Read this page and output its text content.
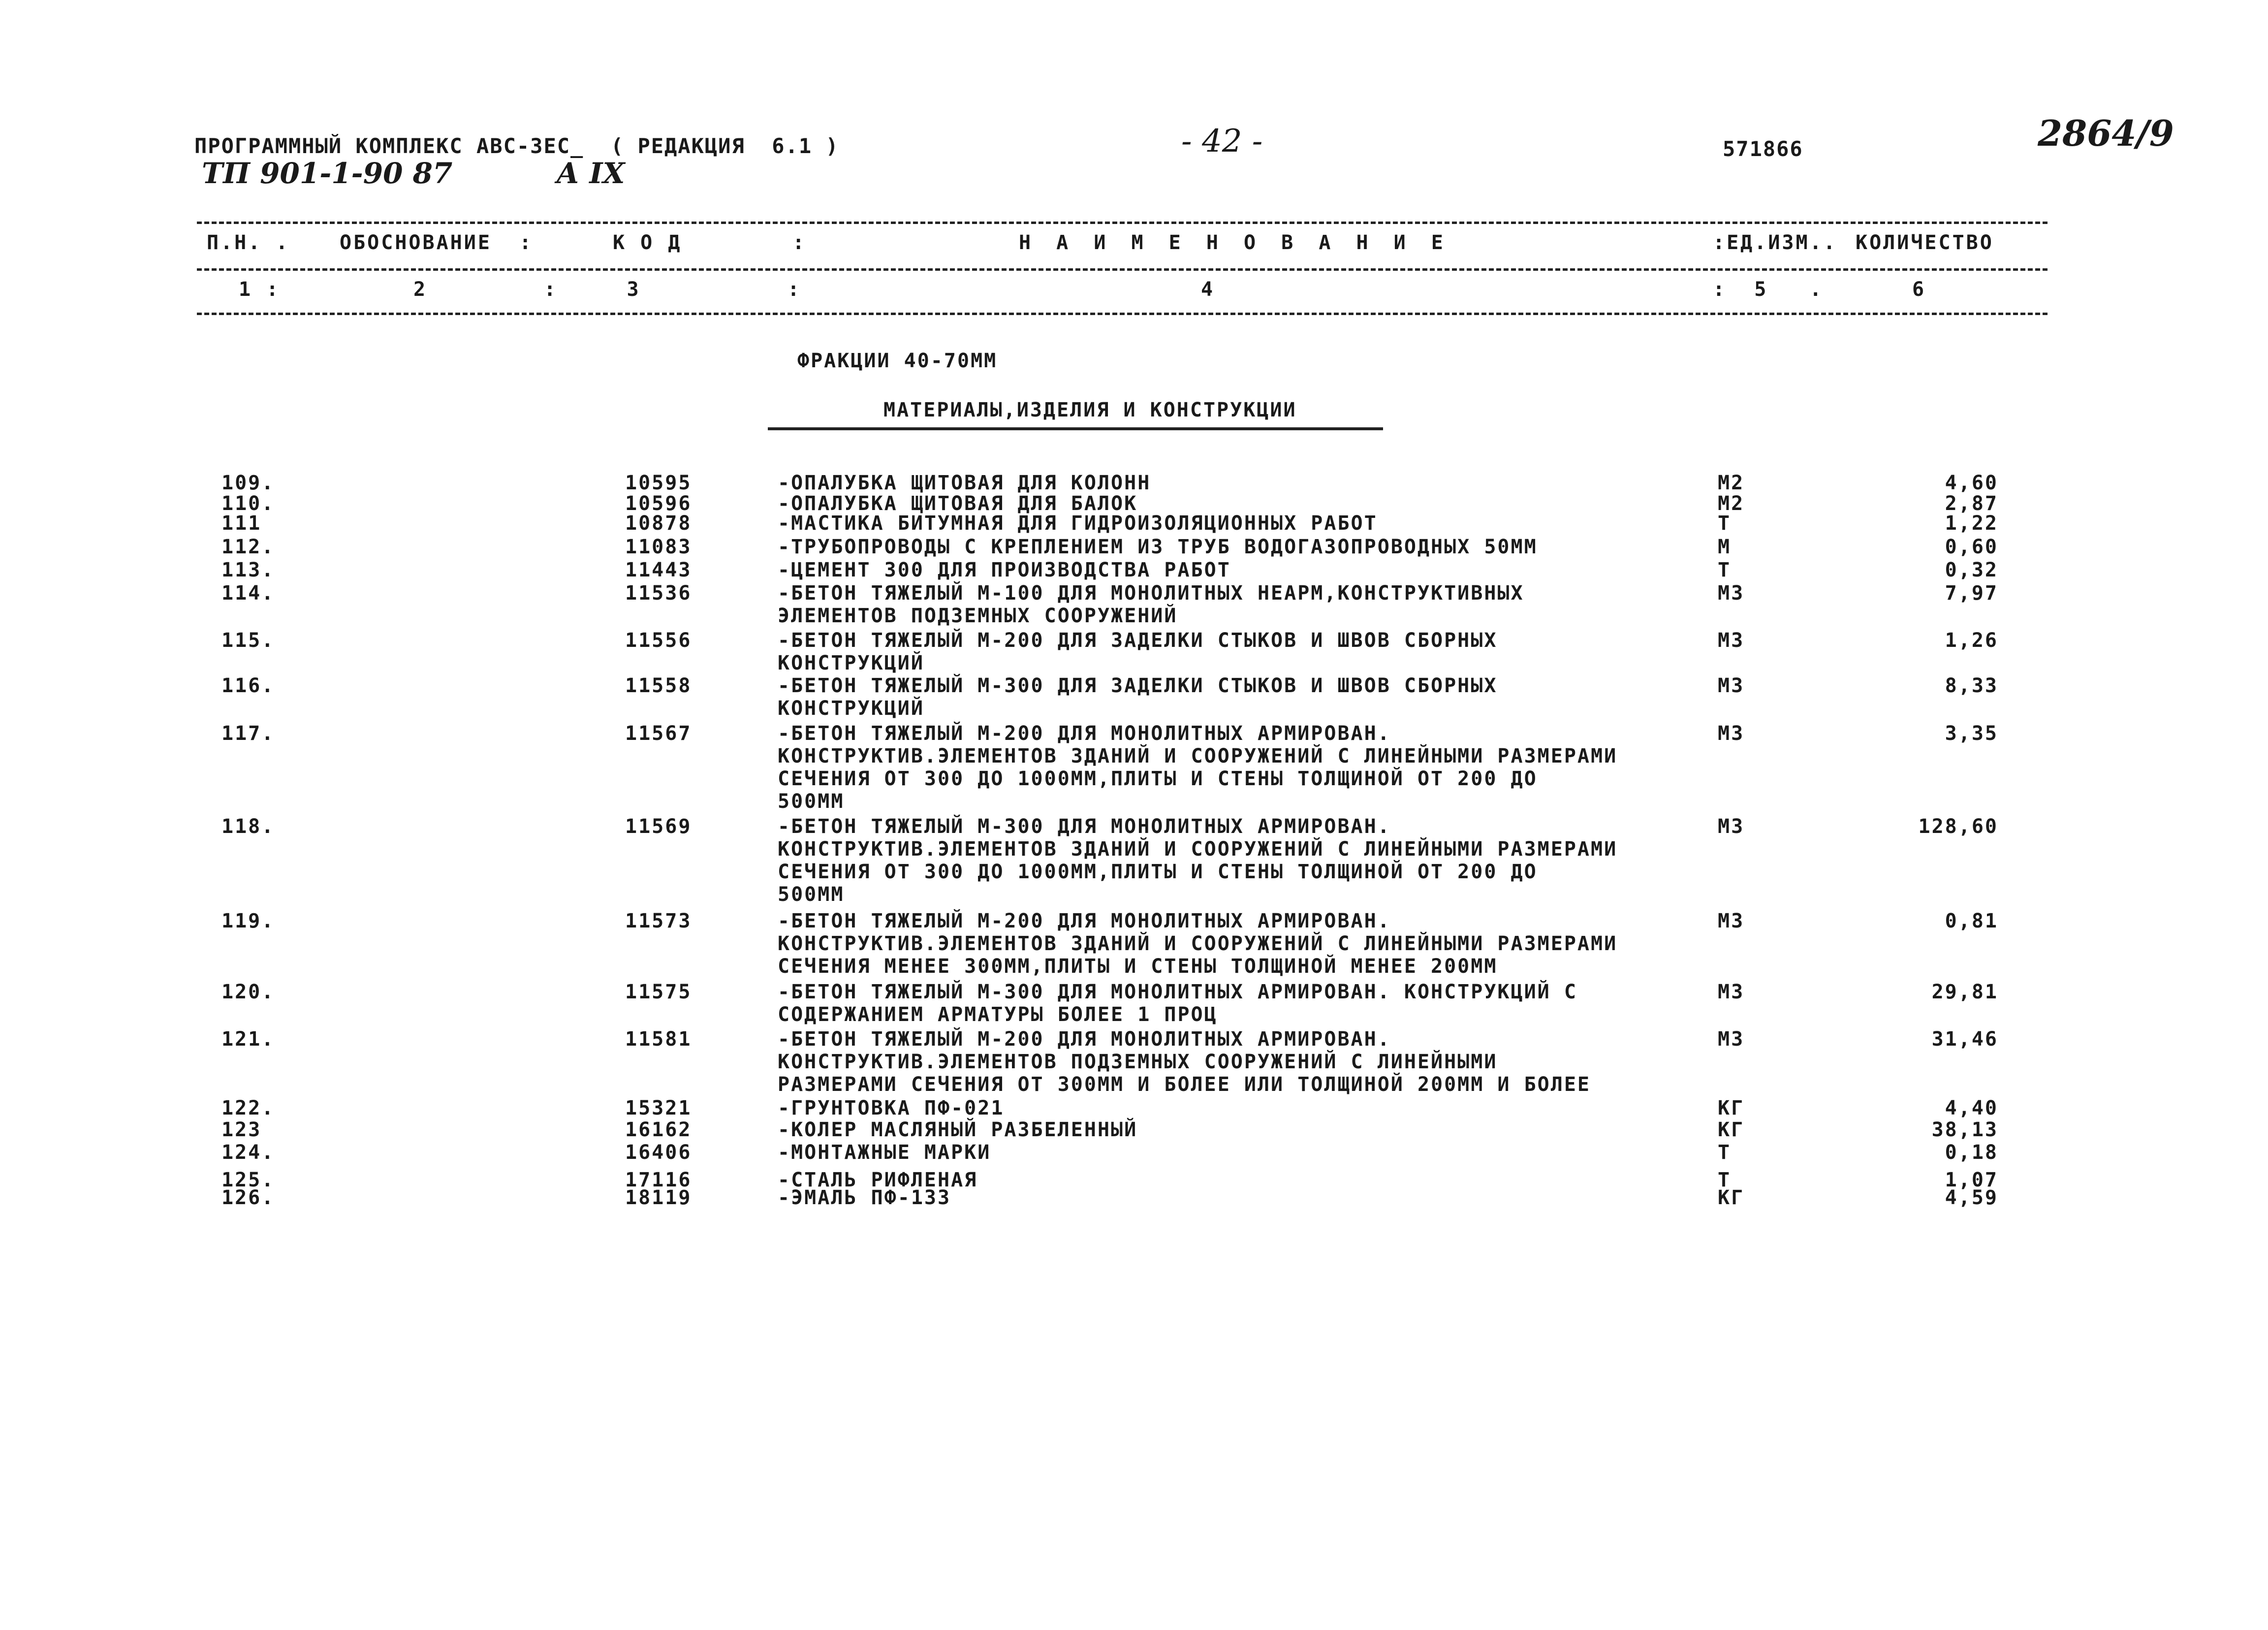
ПРОГРАММНЫЙ КОМПЛЕКС АВС-ЗЕС_  ( РЕДАКЦИЯ  6.1 )
ТП 901-1-90 87	А IX
- 42 -	571866	2864/9
П.Н. .	ОБОСНОВАНИЕ  :	К О Д        :	Н А И М Е Н О В А Н И Е	:ЕД.ИЗМ.. КОЛИЧЕСТВО
1 :	2	:     3	:	4	:  5   .	6
ФРАКЦИИ 40-70ММ
МАТЕРИАЛЫ,ИЗДЕЛИЯ И КОНСТРУКЦИИ
109.	10595	-ОПАЛУБКА ЩИТОВАЯ ДЛЯ КОЛОНН	М2	4,60
110.	10596	-ОПАЛУБКА ЩИТОВАЯ ДЛЯ БАЛОК	М2	2,87
111	10878	-МАСТИКА БИТУМНАЯ ДЛЯ ГИДРОИЗОЛЯЦИОННЫХ РАБОТ	Т	1,22
112.	11083	-ТРУБОПРОВОДЫ С КРЕПЛЕНИЕМ ИЗ ТРУБ ВОДОГАЗОПРОВОДНЫХ 50ММ	М	0,60
113.	11443	-ЦЕМЕНТ 300 ДЛЯ ПРОИЗВОДСТВА РАБОТ	Т	0,32
114.	11536	-БЕТОН ТЯЖЕЛЫЙ М-100 ДЛЯ МОНОЛИТНЫХ НЕАРМ,КОНСТРУКТИВНЫХ
ЭЛЕМЕНТОВ ПОДЗЕМНЫХ СООРУЖЕНИЙ
М3	7,97
115.	11556	-БЕТОН ТЯЖЕЛЫЙ М-200 ДЛЯ ЗАДЕЛКИ СТЫКОВ И ШВОВ СБОРНЫХ
КОНСТРУКЦИЙ
М3	1,26
116.	11558	-БЕТОН ТЯЖЕЛЫЙ М-300 ДЛЯ ЗАДЕЛКИ СТЫКОВ И ШВОВ СБОРНЫХ
КОНСТРУКЦИЙ
М3	8,33
117.	11567	-БЕТОН ТЯЖЕЛЫЙ М-200 ДЛЯ МОНОЛИТНЫХ АРМИРОВАН.
КОНСТРУКТИВ.ЭЛЕМЕНТОВ ЗДАНИЙ И СООРУЖЕНИЙ С ЛИНЕЙНЫМИ РАЗМЕРАМИ
СЕЧЕНИЯ ОТ 300 ДО 1000ММ,ПЛИТЫ И СТЕНЫ ТОЛЩИНОЙ ОТ 200 ДО
500ММ
М3	3,35
118.	11569	-БЕТОН ТЯЖЕЛЫЙ М-300 ДЛЯ МОНОЛИТНЫХ АРМИРОВАН.
КОНСТРУКТИВ.ЭЛЕМЕНТОВ ЗДАНИЙ И СООРУЖЕНИЙ С ЛИНЕЙНЫМИ РАЗМЕРАМИ
СЕЧЕНИЯ ОТ 300 ДО 1000ММ,ПЛИТЫ И СТЕНЫ ТОЛЩИНОЙ ОТ 200 ДО
500ММ
М3	128,60
119.	11573	-БЕТОН ТЯЖЕЛЫЙ М-200 ДЛЯ МОНОЛИТНЫХ АРМИРОВАН.
КОНСТРУКТИВ.ЭЛЕМЕНТОВ ЗДАНИЙ И СООРУЖЕНИЙ С ЛИНЕЙНЫМИ РАЗМЕРАМИ
СЕЧЕНИЯ МЕНЕЕ 300ММ,ПЛИТЫ И СТЕНЫ ТОЛЩИНОЙ МЕНЕЕ 200ММ
М3	0,81
120.	11575	-БЕТОН ТЯЖЕЛЫЙ М-300 ДЛЯ МОНОЛИТНЫХ АРМИРОВАН. КОНСТРУКЦИЙ С
СОДЕРЖАНИЕМ АРМАТУРЫ БОЛЕЕ 1 ПРОЦ
М3	29,81
121.	11581	-БЕТОН ТЯЖЕЛЫЙ М-200 ДЛЯ МОНОЛИТНЫХ АРМИРОВАН.
КОНСТРУКТИВ.ЭЛЕМЕНТОВ ПОДЗЕМНЫХ СООРУЖЕНИЙ С ЛИНЕЙНЫМИ
РАЗМЕРАМИ СЕЧЕНИЯ ОТ 300ММ И БОЛЕЕ ИЛИ ТОЛЩИНОЙ 200ММ И БОЛЕЕ
М3	31,46
122.	15321	-ГРУНТОВКА ПФ-021	КГ	4,40
123	16162	-КОЛЕР МАСЛЯНЫЙ РАЗБЕЛЕННЫЙ	КГ	38,13
124.	16406	-МОНТАЖНЫЕ МАРКИ	Т	0,18
125.	17116	-СТАЛЬ РИФЛЕНАЯ	Т	1,07
126.	18119	-ЭМАЛЬ ПФ-133	КГ	4,59
